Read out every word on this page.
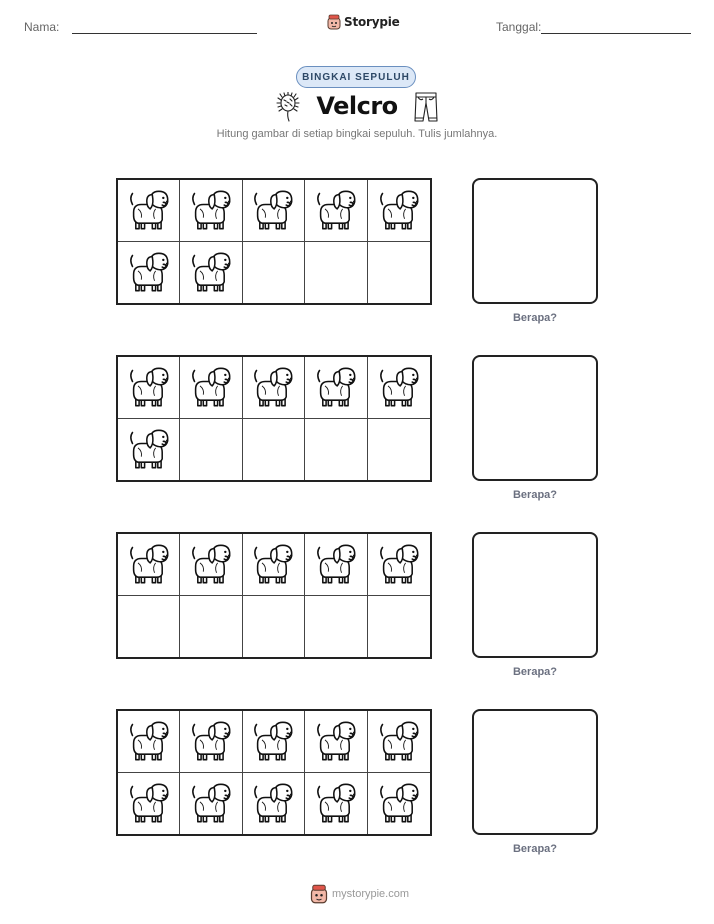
Nama:	Storypie	Tanggal:
BINGKAI SEPULUH
Velcro
Hitung gambar di setiap bingkai sepuluh. Tulis jumlahnya.
Berapa?
Berapa?
Berapa?
Berapa?
mystorypie.com
